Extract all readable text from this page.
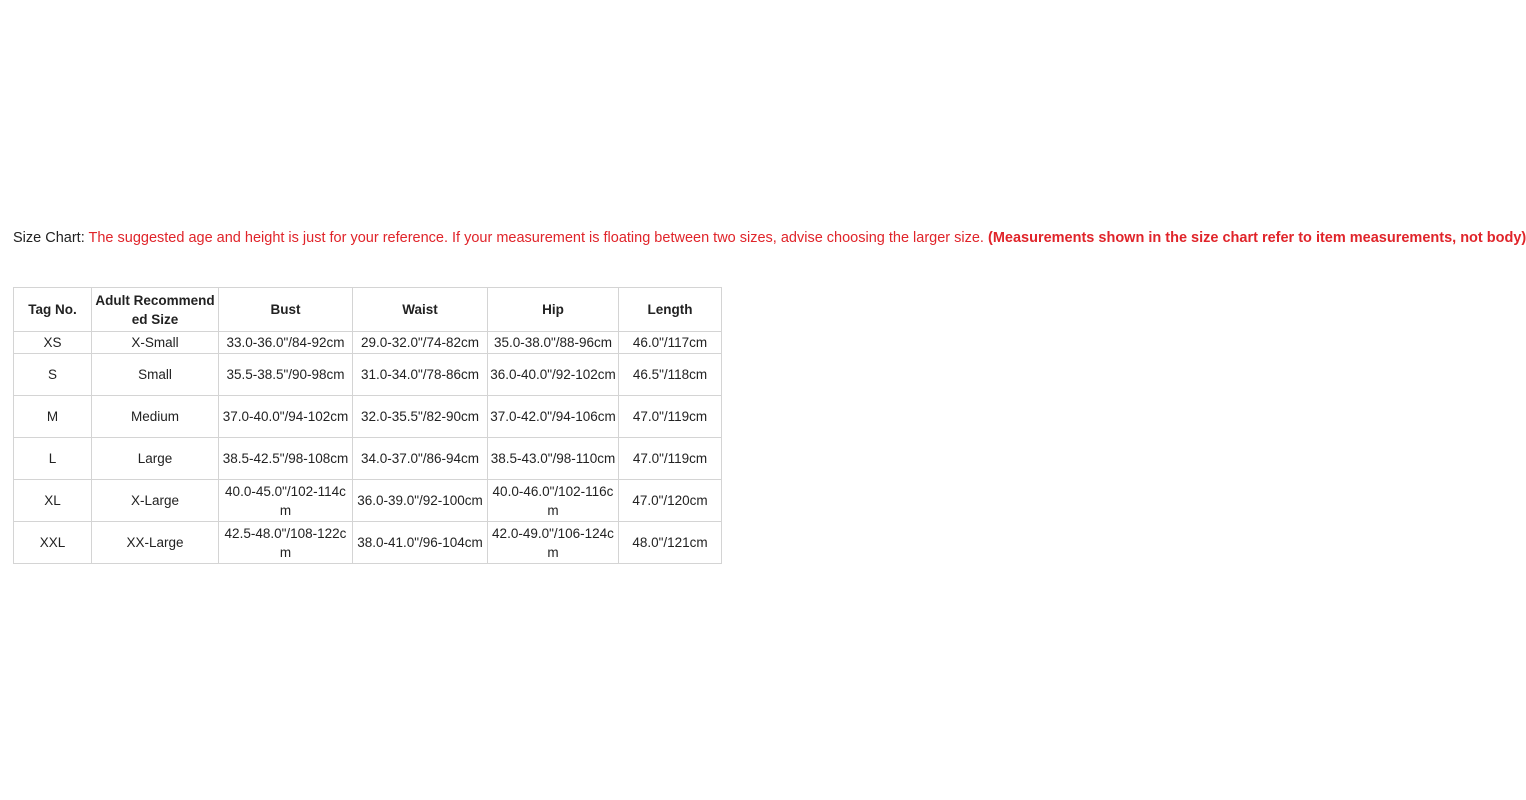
Size Chart: The suggested age and height is just for your reference. If your measurement is floating between two sizes, advise choosing the larger size. (Measurements shown in the size chart refer to item measurements, not body)
Tag No.	Adult Recommended Size	Bust	Waist	Hip	Length
XS	X-Small	33.0-36.0"/84-92cm	29.0-32.0"/74-82cm	35.0-38.0"/88-96cm	46.0"/117cm
S	Small	35.5-38.5"/90-98cm	31.0-34.0"/78-86cm	36.0-40.0"/92-102cm	46.5"/118cm
M	Medium	37.0-40.0"/94-102cm	32.0-35.5"/82-90cm	37.0-42.0"/94-106cm	47.0"/119cm
L	Large	38.5-42.5"/98-108cm	34.0-37.0"/86-94cm	38.5-43.0"/98-110cm	47.0"/119cm
XL	X-Large	40.0-45.0"/102-114cm	36.0-39.0"/92-100cm	40.0-46.0"/102-116cm	47.0"/120cm
XXL	XX-Large	42.5-48.0"/108-122cm	38.0-41.0"/96-104cm	42.0-49.0"/106-124cm	48.0"/121cm
